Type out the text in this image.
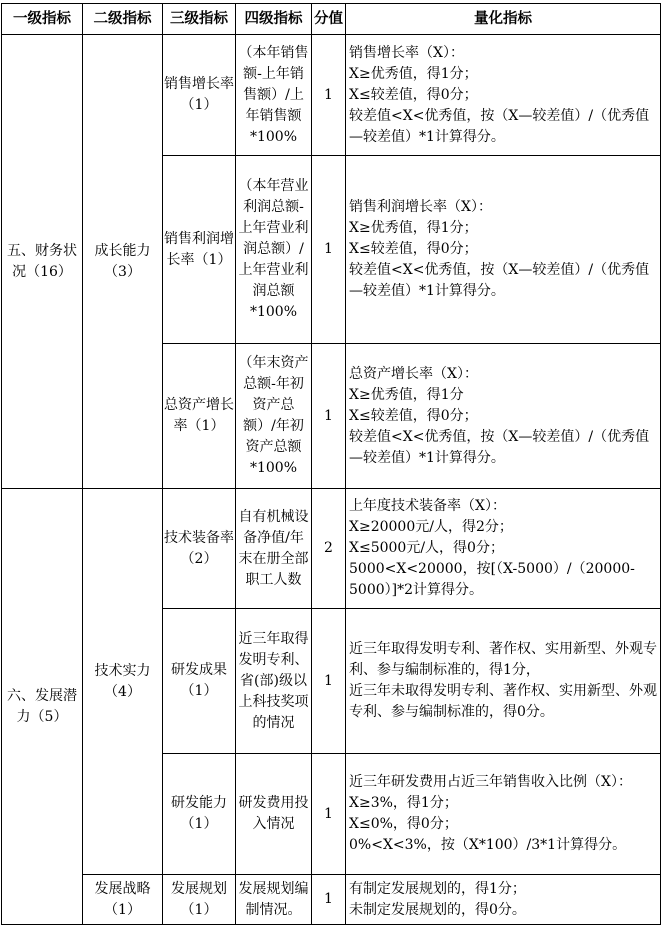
一级指标	二级指标	三级指标	四级指标	分值	量化指标
五、财务状况（16）	成长能力（3）	销售增长率（1）	（本年销售额-上年销售额）/上年销售额*100%	1	销售增长率（X）：
X≥优秀值，得1分；
X≤较差值，得0分；
较差值<X<优秀值，按（X—较差值）/（优秀值—较差值）*1计算得分。

		销售利润增长率（1）	（本年营业利润总额-上年营业利润总额）/上年营业利润总额*100%	1	销售利润增长率（X）：
X≥优秀值，得1分；
X≤较差值，得0分；
较差值<X<优秀值，按（X—较差值）/（优秀值—较差值）*1计算得分。

		总资产增长率（1）	（年末资产总额-年初资产总额）/年初资产总额*100%	1	总资产增长率（X）：
X≥优秀值，得1分
X≤较差值，得0分；
较差值<X<优秀值，按（X—较差值）/（优秀值—较差值）*1计算得分。

六、发展潜力（5）	技术实力（4）	技术装备率（2）	自有机械设备净值/年末在册全部职工人数	2	上年度技术装备率（X）：
X≥20000元/人，得2分；
X≤5000元/人，得0分；
5000<X<20000，按[（X-5000）/（20000-5000）]*2计算得分。

		研发成果（1）	近三年取得发明专利、省(部)级以上科技奖项的情况	1	近三年取得发明专利、著作权、实用新型、外观专利、参与编制标准的，得1分，
近三年未取得发明专利、著作权、实用新型、外观专利、参与编制标准的，得0分。

		研发能力（1）	研发费用投入情况	1	近三年研发费用占近三年销售收入比例（X）：
X≥3%，得1分；
X≤0%，得0分；
0%<X<3%，按（X*100）/3*1计算得分。

	发展战略（1）	发展规划（1）	发展规划编制情况。	1	有制定发展规划的，得1分；
未制定发展规划的，得0分。
